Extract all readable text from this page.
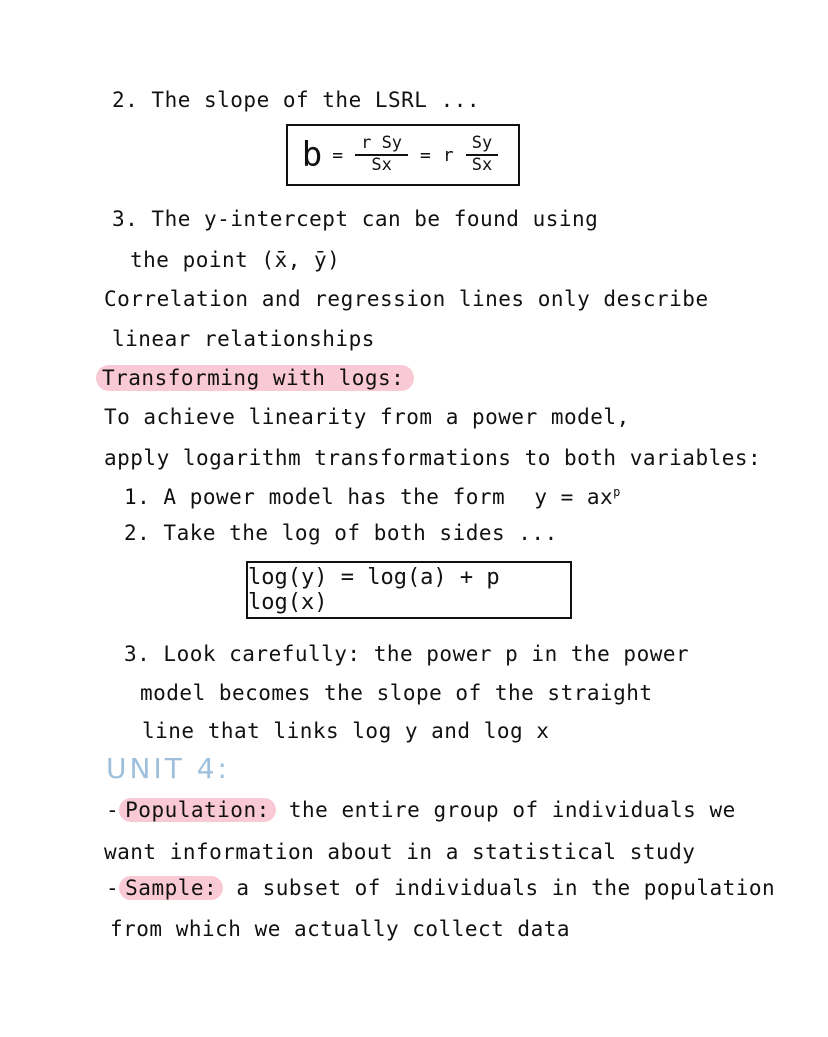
2. The slope of the LSRL ...
$b = \frac{\text{r Sy}}{Sx} = r \frac{Sy}{Sx}$
3. The y-intercept can be found using
the point (x̄, ȳ)
Correlation and regression lines only describe
linear relationships
Transforming with logs:
To achieve linearity from a power model,
apply logarithm transformations to both variables:
1. A power model has the form $y = ax^p$
2. Take the log of both sides ...
log(y) = log(a) + p log(x)
3. Look carefully: the power p in the power
model becomes the slope of the straight
line that links log y and log x
UNIT 4:
- Population: the entire group of individuals we
want information about in a statistical study
- Sample: a subset of individuals in the population
from which we actually collect data
